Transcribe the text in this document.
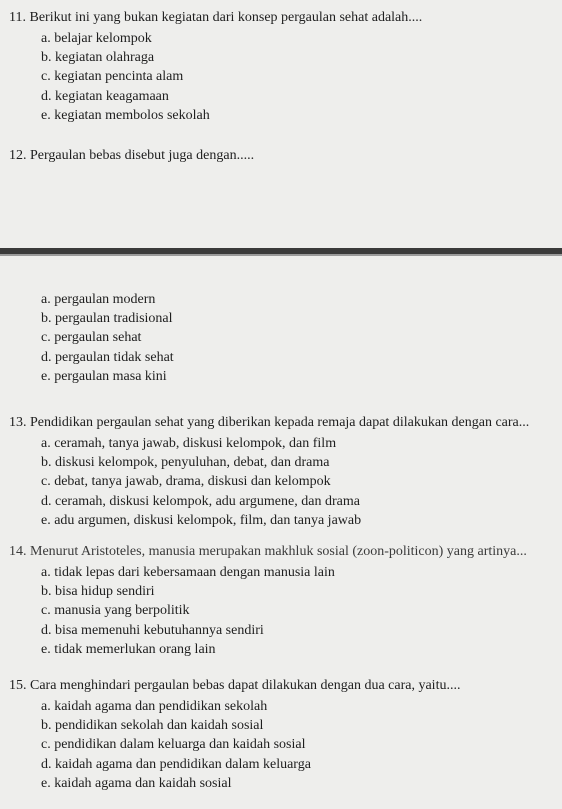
11. Berikut ini yang bukan kegiatan dari konsep pergaulan sehat adalah....
a. belajar kelompok
b. kegiatan olahraga
c. kegiatan pencinta alam
d. kegiatan keagamaan
e. kegiatan membolos sekolah
12. Pergaulan bebas disebut juga dengan.....
a. pergaulan modern
b. pergaulan tradisional
c. pergaulan sehat
d. pergaulan tidak sehat
e. pergaulan masa kini
13. Pendidikan pergaulan sehat yang diberikan kepada remaja dapat dilakukan dengan cara...
a. ceramah, tanya jawab, diskusi kelompok, dan film
b. diskusi kelompok, penyuluhan, debat, dan drama
c. debat, tanya jawab, drama, diskusi dan kelompok
d. ceramah, diskusi kelompok, adu argumene, dan drama
e. adu argumen, diskusi kelompok, film, dan tanya jawab
14. Menurut Aristoteles, manusia merupakan makhluk sosial (zoon-politicon) yang artinya...
a. tidak lepas dari kebersamaan dengan manusia lain
b. bisa hidup sendiri
c. manusia yang berpolitik
d. bisa memenuhi kebutuhannya sendiri
e. tidak memerlukan orang lain
15. Cara menghindari pergaulan bebas dapat dilakukan dengan dua cara, yaitu....
a. kaidah agama dan pendidikan sekolah
b. pendidikan sekolah dan kaidah sosial
c. pendidikan dalam keluarga dan kaidah sosial
d. kaidah agama dan pendidikan dalam keluarga
e. kaidah agama dan kaidah sosial
